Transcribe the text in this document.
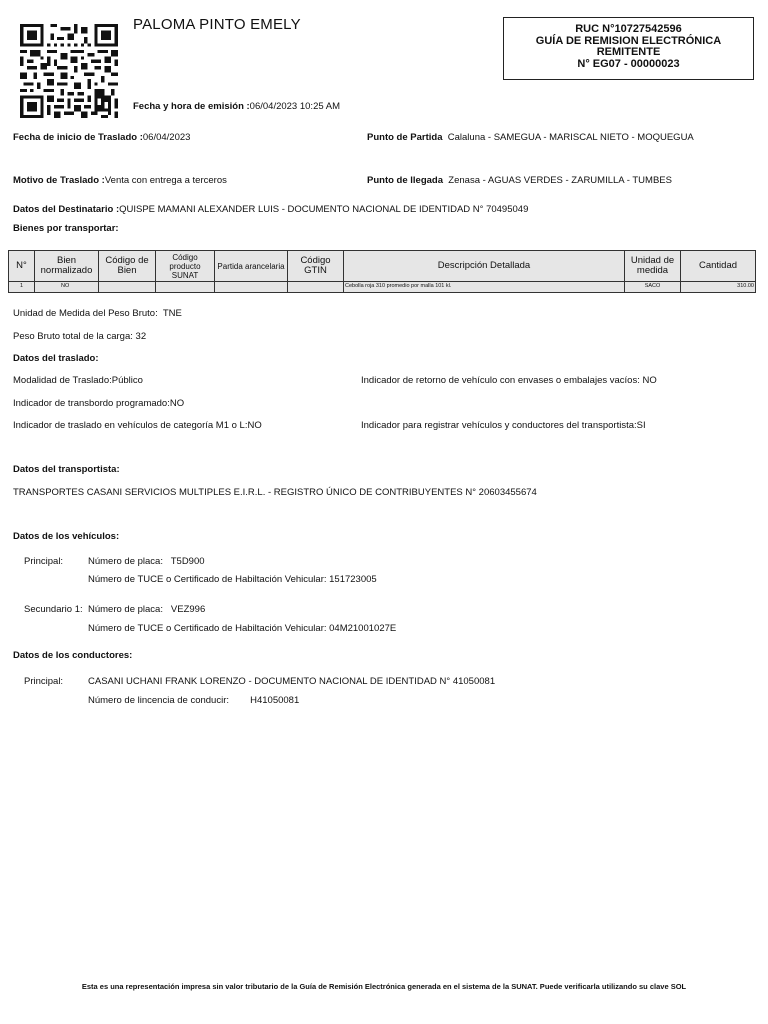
PALOMA PINTO EMELY	RUC N°10727542596
GUÍA DE REMISION ELECTRÓNICA
REMITENTE
N° EG07 - 00000023
Fecha y hora de emisión :06/04/2023 10:25 AM
Fecha de inicio de Traslado :06/04/2023	Punto de Partida Calaluna - SAMEGUA - MARISCAL NIETO - MOQUEGUA
Motivo de Traslado :Venta con entrega a terceros	Punto de llegada Zenasa - AGUAS VERDES - ZARUMILLA - TUMBES
Datos del Destinatario :QUISPE MAMANI ALEXANDER LUIS - DOCUMENTO NACIONAL DE IDENTIDAD N° 70495049
Bienes por transportar:
N°	Bien normalizado	Código de Bien	Código producto SUNAT	Partida arancelaria	Código GTIN	Descripción Detallada	Unidad de medida	Cantidad
1	NO					Cebolla roja 310 promedio por malla 101 kl.	SACO	310.00
Unidad de Medida del Peso Bruto: TNE
Peso Bruto total de la carga: 32
Datos del traslado:
Modalidad de Traslado:Público	Indicador de retorno de vehículo con envases o embalajes vacíos: NO
Indicador de transbordo programado:NO
Indicador de traslado en vehículos de categoría M1 o L:NO	Indicador para registrar vehículos y conductores del transportista:SI
Datos del transportista:
TRANSPORTES CASANI SERVICIOS MULTIPLES E.I.R.L. - REGISTRO ÚNICO DE CONTRIBUYENTES N° 20603455674
Datos de los vehículos:
Principal:	Número de placa: T5D900
Número de TUCE o Certificado de Habiltación Vehicular: 151723005
Secundario 1: Número de placa: VEZ996
Número de TUCE o Certificado de Habiltación Vehicular: 04M21001027E
Datos de los conductores:
Principal:	CASANI UCHANI FRANK LORENZO - DOCUMENTO NACIONAL DE IDENTIDAD N° 41050081
Número de lincencia de conducir: H41050081
Esta es una representación impresa sin valor tributario de la Guía de Remisión Electrónica generada en el sistema de la SUNAT. Puede verificarla utilizando su clave SOL
